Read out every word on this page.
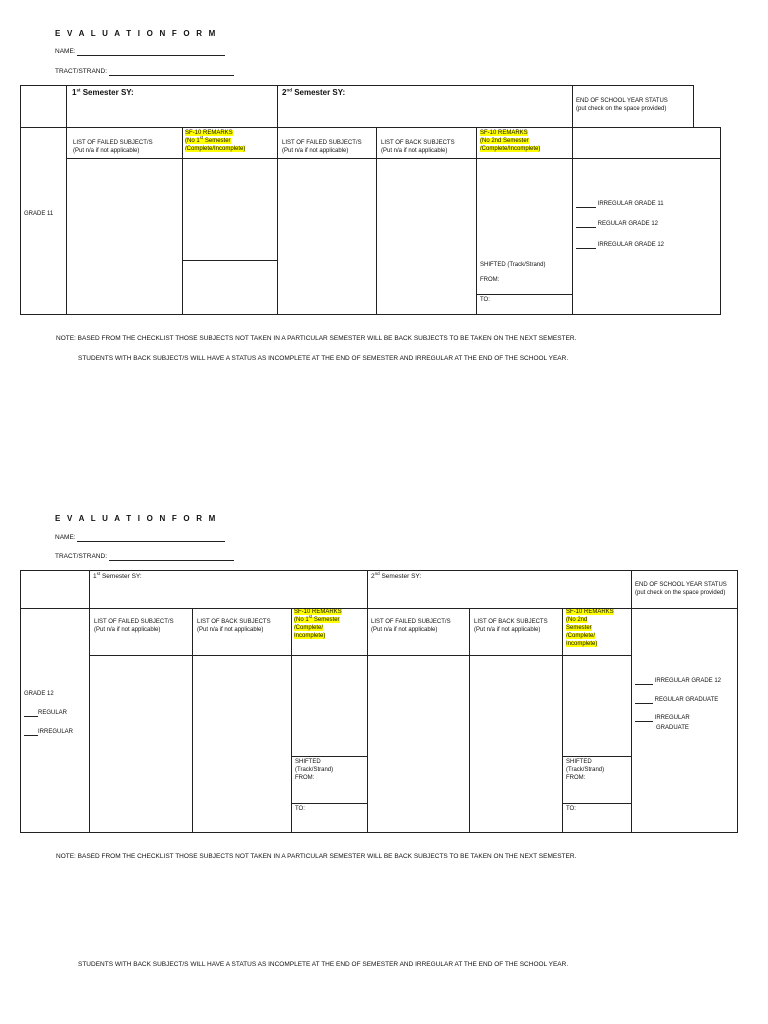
E V A L U A T I O N F O R M
NAME:
TRACT/STRAND:
1st Semester SY:	2nd Semester SY:
END OF SCHOOL YEAR STATUS
(put check on the space provided)
LIST OF FAILED SUBJECT/S
(Put n/a if not applicable)
SF-10 REMARKS
(No 1st Semester
/Complete/Incomplete)
LIST OF FAILED SUBJECT/S
(Put n/a if not applicable)
LIST OF BACK SUBJECTS
(Put n/a if not applicable)
SF-10 REMARKS
(No 2nd Semester
/Complete/Incomplete)
GRADE 11
IRREGULAR GRADE 11
REGULAR GRADE 12
IRREGULAR GRADE 12
SHIFTED (Track/Strand)
FROM:
TO:
NOTE: BASED FROM THE CHECKLIST THOSE SUBJECTS NOT TAKEN IN A PARTICULAR SEMESTER WILL BE BACK SUBJECTS TO BE TAKEN ON THE NEXT SEMESTER.
STUDENTS WITH BACK SUBJECT/S WILL HAVE A STATUS AS INCOMPLETE AT THE END OF SEMESTER AND IRREGULAR AT THE END OF THE SCHOOL YEAR.
E V A L U A T I O N F O R M
NAME:
TRACT/STRAND:
1st Semester SY:	2nd Semester SY:
END OF SCHOOL YEAR STATUS
(put check on the space provided)
LIST OF FAILED SUBJECT/S
(Put n/a if not applicable)
LIST OF BACK SUBJECTS
(Put n/a if not applicable)
SF-10 REMARKS
(No 1st Semester
/Complete/
Incomplete)
LIST OF FAILED SUBJECT/S
(Put n/a if not applicable)
LIST OF BACK SUBJECTS
(Put n/a if not applicable)
SF-10 REMARKS
(No 2nd
Semester
/Complete/
Incomplete)
GRADE 12
REGULAR
IRREGULAR
IRREGULAR GRADE 12
REGULAR GRADUATE
IRREGULAR
GRADUATE
SHIFTED
(Track/Strand)
FROM:
TO:
SHIFTED
(Track/Strand)
FROM:
TO:
NOTE: BASED FROM THE CHECKLIST THOSE SUBJECTS NOT TAKEN IN A PARTICULAR SEMESTER WILL BE BACK SUBJECTS TO BE TAKEN ON THE NEXT SEMESTER.
STUDENTS WITH BACK SUBJECT/S WILL HAVE A STATUS AS INCOMPLETE AT THE END OF SEMESTER AND IRREGULAR AT THE END OF THE SCHOOL YEAR.
